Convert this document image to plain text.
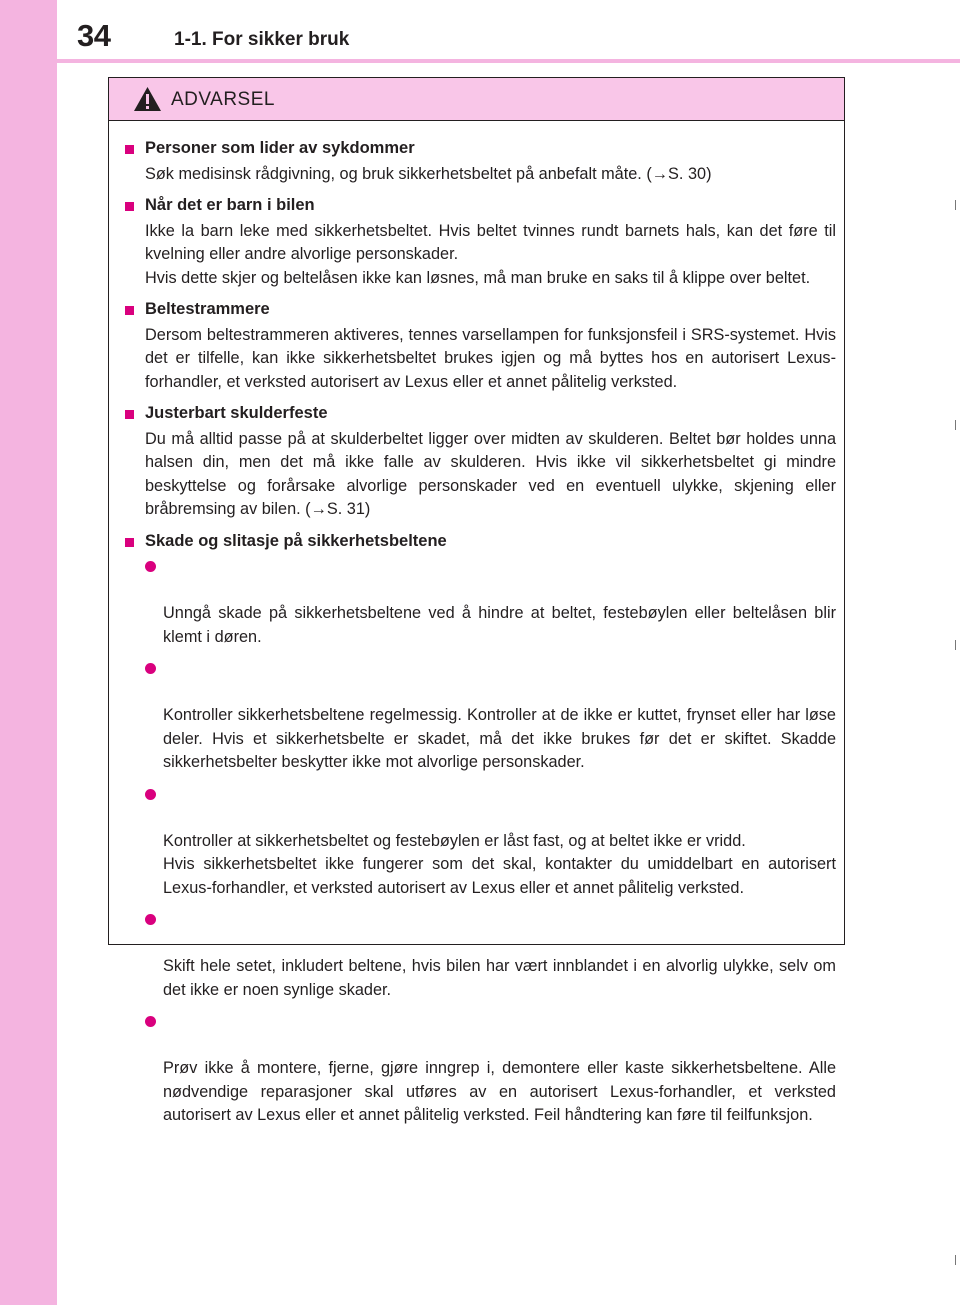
34	1-1. For sikker bruk
ADVARSEL
Personer som lider av sykdommer
Søk medisinsk rådgivning, og bruk sikkerhetsbeltet på anbefalt måte. (→S. 30)
Når det er barn i bilen
Ikke la barn leke med sikkerhetsbeltet. Hvis beltet tvinnes rundt barnets hals, kan det føre til kvelning eller andre alvorlige personskader.
Hvis dette skjer og beltelåsen ikke kan løsnes, må man bruke en saks til å klippe over beltet.
Beltestrammere
Dersom beltestrammeren aktiveres, tennes varsellampen for funksjonsfeil i SRS-systemet. Hvis det er tilfelle, kan ikke sikkerhetsbeltet brukes igjen og må byttes hos en autorisert Lexus-forhandler, et verksted autorisert av Lexus eller et annet pålitelig verksted.
Justerbart skulderfeste
Du må alltid passe på at skulderbeltet ligger over midten av skulderen. Beltet bør holdes unna halsen din, men det må ikke falle av skulderen. Hvis ikke vil sikkerhetsbeltet gi mindre beskyttelse og forårsake alvorlige personskader ved en eventuell ulykke, skjening eller bråbremsing av bilen. (→S. 31)
Skade og slitasje på sikkerhetsbeltene

Unngå skade på sikkerhetsbeltene ved å hindre at beltet, festebøylen eller beltelåsen blir klemt i døren.

Kontroller sikkerhetsbeltene regelmessig. Kontroller at de ikke er kuttet, frynset eller har løse deler. Hvis et sikkerhetsbelte er skadet, må det ikke brukes før det er skiftet. Skadde sikkerhetsbelter beskytter ikke mot alvorlige personskader.

Kontroller at sikkerhetsbeltet og festebøylen er låst fast, og at beltet ikke er vridd.
Hvis sikkerhetsbeltet ikke fungerer som det skal, kontakter du umiddelbart en autorisert Lexus-forhandler, et verksted autorisert av Lexus eller et annet pålitelig verksted.

Skift hele setet, inkludert beltene, hvis bilen har vært innblandet i en alvorlig ulykke, selv om det ikke er noen synlige skader.

Prøv ikke å montere, fjerne, gjøre inngrep i, demontere eller kaste sikkerhetsbeltene. Alle nødvendige reparasjoner skal utføres av en autorisert Lexus-forhandler, et verksted autorisert av Lexus eller et annet pålitelig verksted. Feil håndtering kan føre til feilfunksjon.
